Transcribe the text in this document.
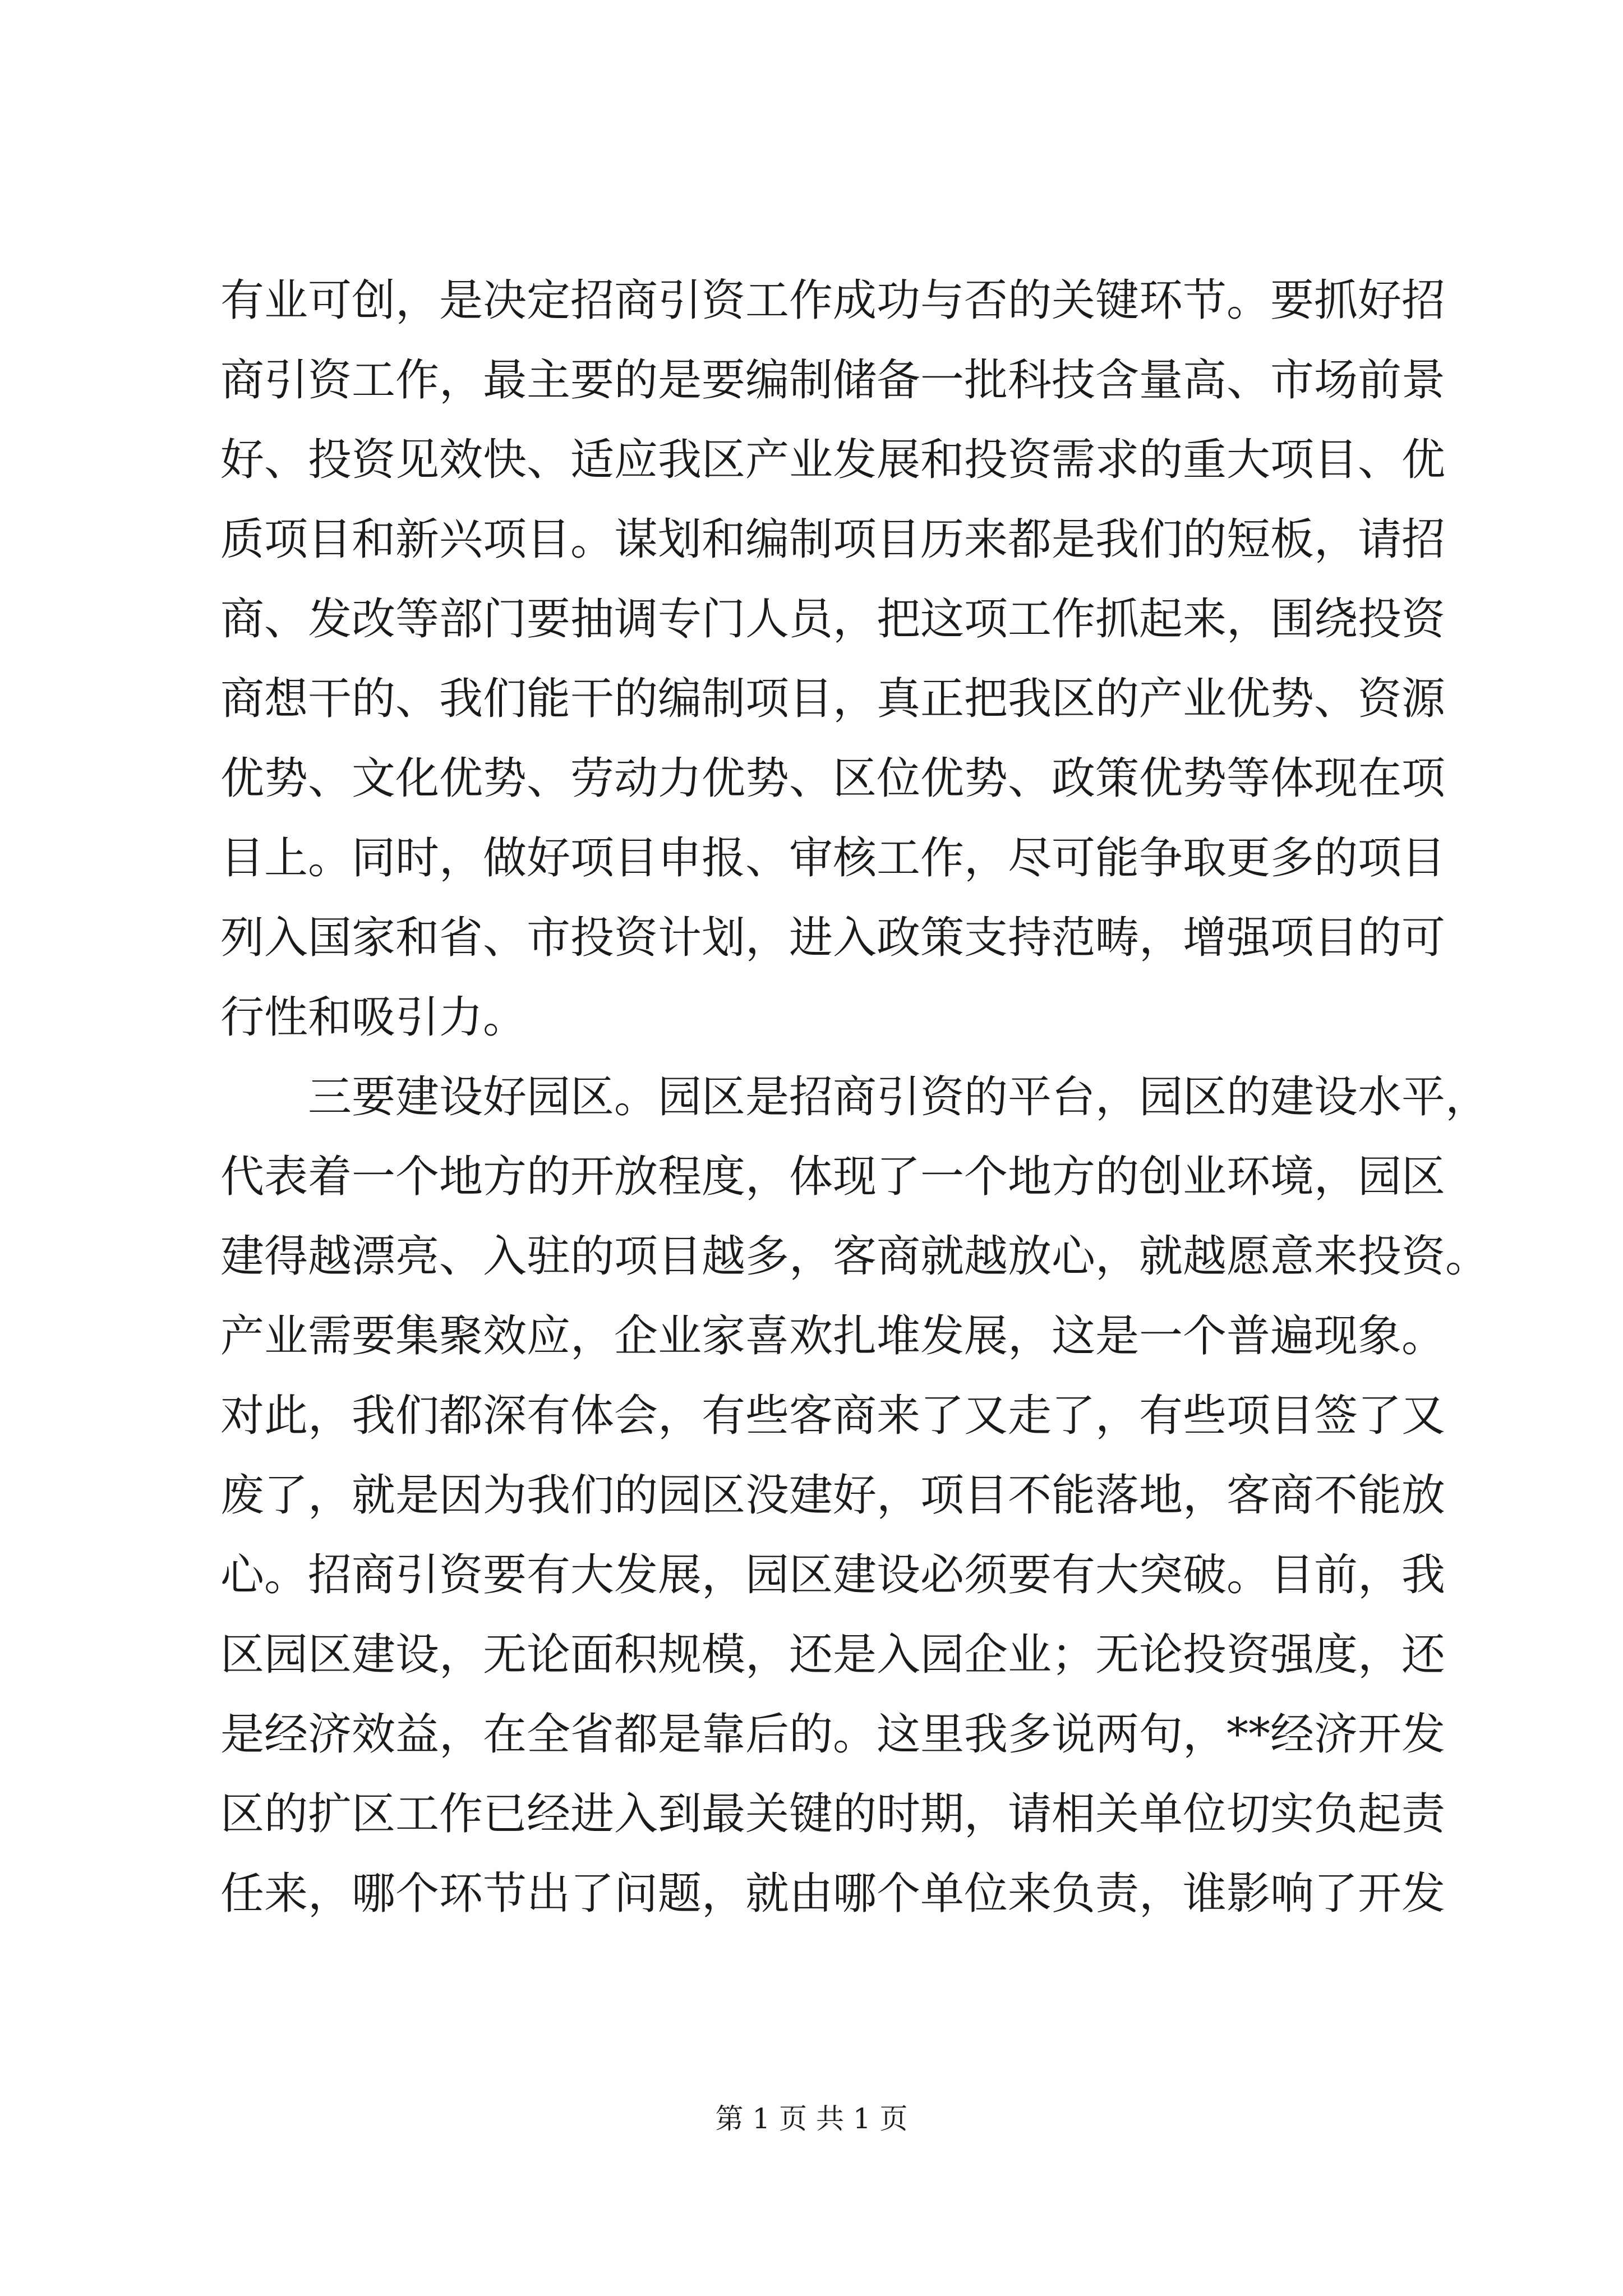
有业可创，是决定招商引资工作成功与否的关键环节。要抓好招
商引资工作，最主要的是要编制储备一批科技含量高、市场前景
好、投资见效快、适应我区产业发展和投资需求的重大项目、优
质项目和新兴项目。谋划和编制项目历来都是我们的短板，请招
商、发改等部门要抽调专门人员，把这项工作抓起来，围绕投资
商想干的、我们能干的编制项目，真正把我区的产业优势、资源
优势、文化优势、劳动力优势、区位优势、政策优势等体现在项
目上。同时，做好项目申报、审核工作，尽可能争取更多的项目
列入国家和省、市投资计划，进入政策支持范畴，增强项目的可
行性和吸引力。
三要建设好园区。园区是招商引资的平台，园区的建设水平，
代表着一个地方的开放程度，体现了一个地方的创业环境，园区
建得越漂亮、入驻的项目越多，客商就越放心，就越愿意来投资。
产业需要集聚效应，企业家喜欢扎堆发展，这是一个普遍现象。
对此，我们都深有体会，有些客商来了又走了，有些项目签了又
废了，就是因为我们的园区没建好，项目不能落地，客商不能放
心。招商引资要有大发展，园区建设必须要有大突破。目前，我
区园区建设，无论面积规模，还是入园企业；无论投资强度，还
是经济效益，在全省都是靠后的。这里我多说两句，**经济开发
区的扩区工作已经进入到最关键的时期，请相关单位切实负起责
任来，哪个环节出了问题，就由哪个单位来负责，谁影响了开发
第 1 页 共 1 页
